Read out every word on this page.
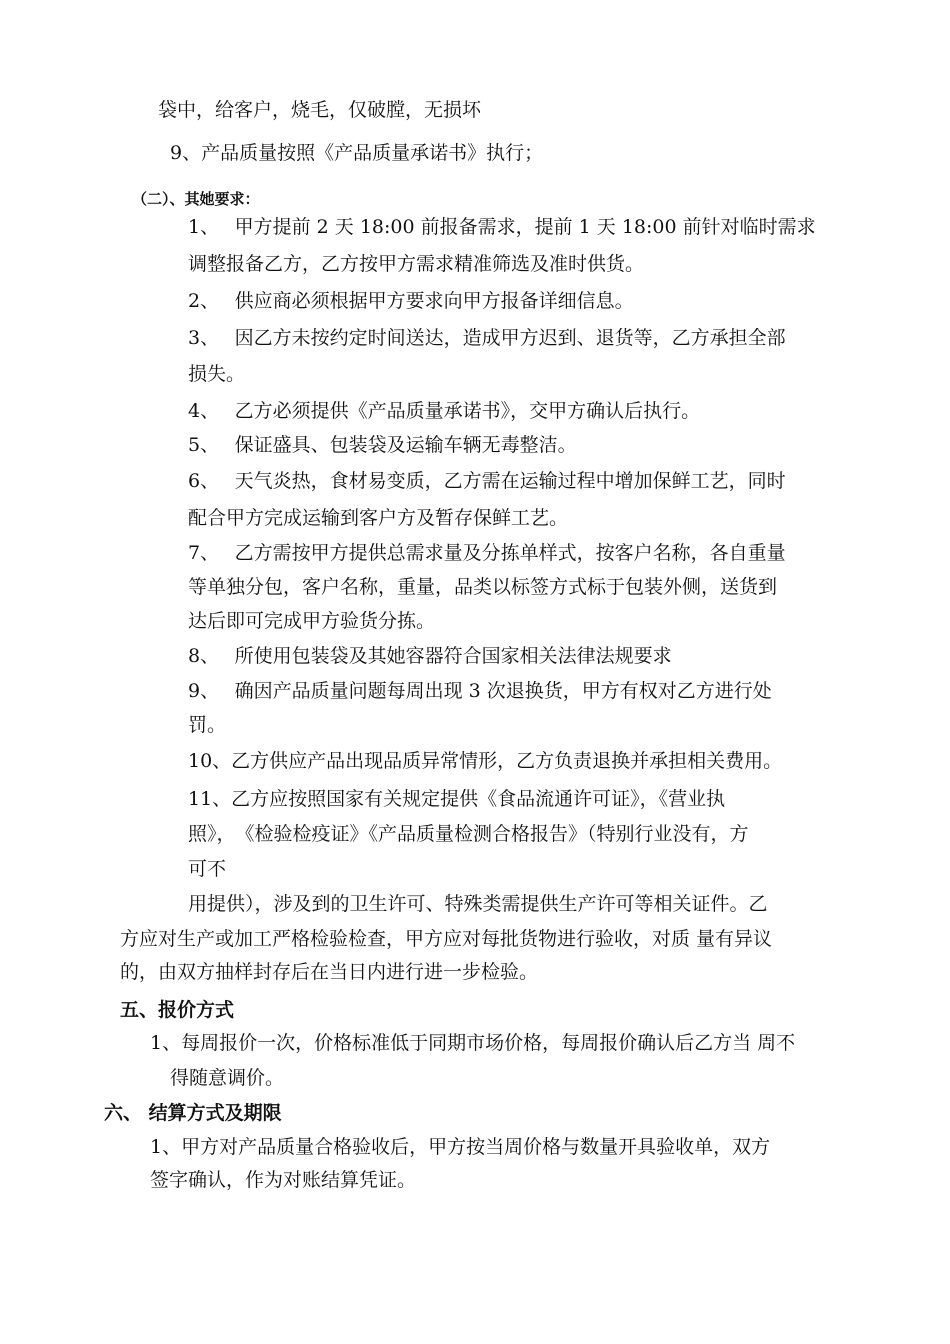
袋中，给客户，烧毛，仅破膛，无损坏
9、产品质量按照《产品质量承诺书》执行；
（二）、其她要求：
1、　 甲方提前 2 天 18:00 前报备需求，提前 1 天 18:00 前针对临时需求
调整报备乙方，乙方按甲方需求精准筛选及准时供货。
2、　 供应商必须根据甲方要求向甲方报备详细信息。
3、　 因乙方未按约定时间送达，造成甲方迟到、退货等，乙方承担全部
损失。
4、　 乙方必须提供《产品质量承诺书》，交甲方确认后执行。
5、　 保证盛具、包装袋及运输车辆无毒整洁。
6、　 天气炎热，食材易变质，乙方需在运输过程中增加保鲜工艺，同时
配合甲方完成运输到客户方及暂存保鲜工艺。
7、　 乙方需按甲方提供总需求量及分拣单样式，按客户名称，各自重量
等单独分包，客户名称，重量，品类以标签方式标于包装外侧，送货到
达后即可完成甲方验货分拣。
8、　 所使用包装袋及其她容器符合国家相关法律法规要求
9、　 确因产品质量问题每周出现 3 次退换货，甲方有权对乙方进行处
罚。
10、乙方供应产品出现品质异常情形，乙方负责退换并承担相关费用。
11、乙方应按照国家有关规定提供《食品流通许可证》，《营业执
照》，　《检验检疫证》《产品质量检测合格报告》（特别行业没有，方
可不
用提供），涉及到的卫生许可、特殊类需提供生产许可等相关证件。乙
方应对生产或加工严格检验检查，甲方应对每批货物进行验收，对质 量有异议
的，由双方抽样封存后在当日内进行进一步检验。
五、报价方式
1、每周报价一次，价格标准低于同期市场价格，每周报价确认后乙方当 周不
得随意调价。
六、 结算方式及期限
1、甲方对产品质量合格验收后，甲方按当周价格与数量开具验收单，双方
签字确认，作为对账结算凭证。
